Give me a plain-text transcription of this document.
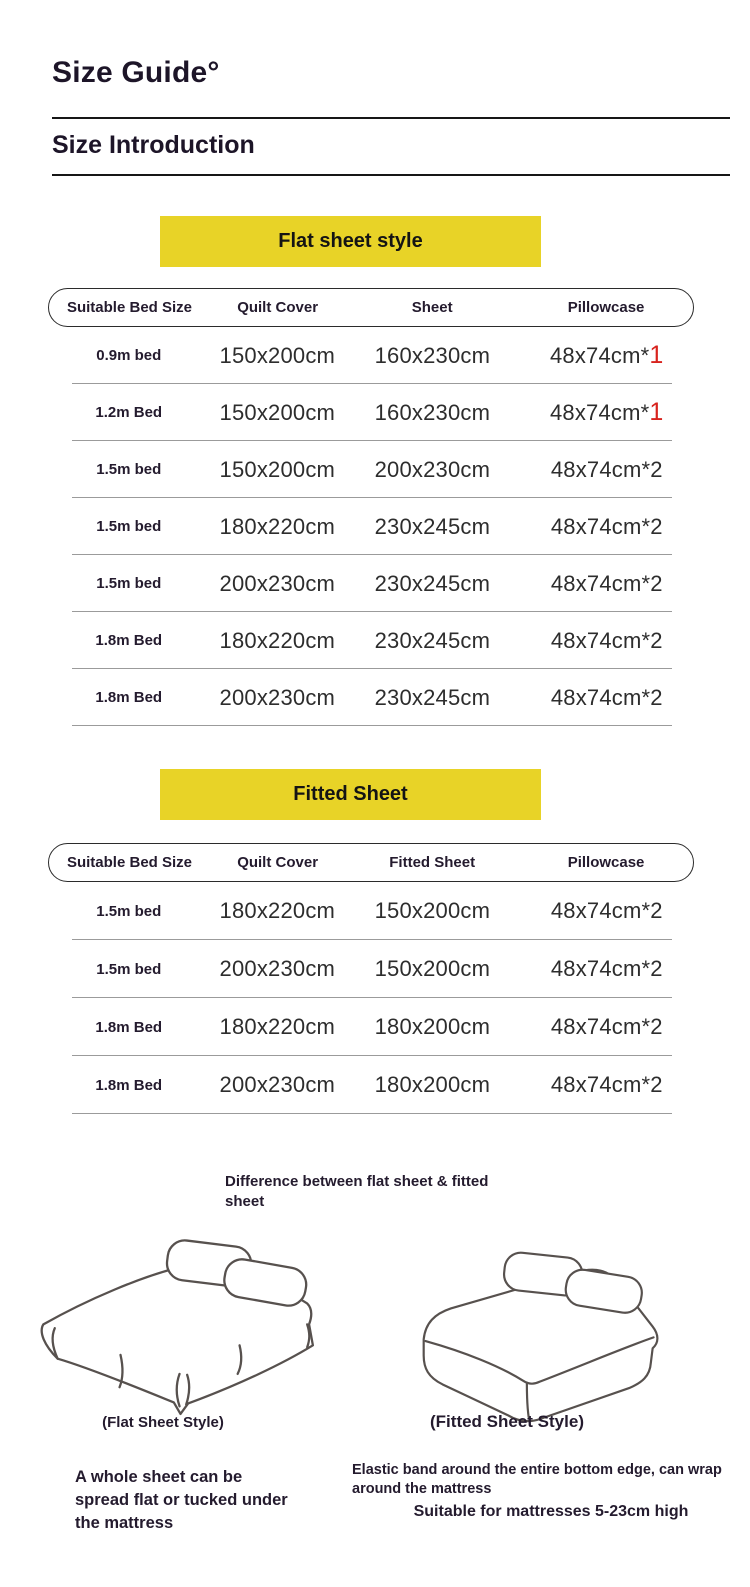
Size Guide°
Size Introduction
Flat sheet style
Suitable Bed Size	Quilt Cover	Sheet	Pillowcase
0.9m bed	150x200cm	160x230cm	48x74cm*1
1.2m Bed	150x200cm	160x230cm	48x74cm*1
1.5m bed	150x200cm	200x230cm	48x74cm*2
1.5m bed	180x220cm	230x245cm	48x74cm*2
1.5m bed	200x230cm	230x245cm	48x74cm*2
1.8m Bed	180x220cm	230x245cm	48x74cm*2
1.8m Bed	200x230cm	230x245cm	48x74cm*2
Fitted Sheet
Suitable Bed Size	Quilt Cover	Fitted Sheet	Pillowcase
1.5m bed	180x220cm	150x200cm	48x74cm*2
1.5m bed	200x230cm	150x200cm	48x74cm*2
1.8m Bed	180x220cm	180x200cm	48x74cm*2
1.8m Bed	200x230cm	180x200cm	48x74cm*2
Difference between flat sheet & fitted sheet
(Flat Sheet Style)	(Fitted Sheet Style)
A whole sheet can be spread flat or tucked under the mattress
Elastic band around the entire bottom edge, can wrap around the mattress
Suitable for mattresses 5-23cm high
